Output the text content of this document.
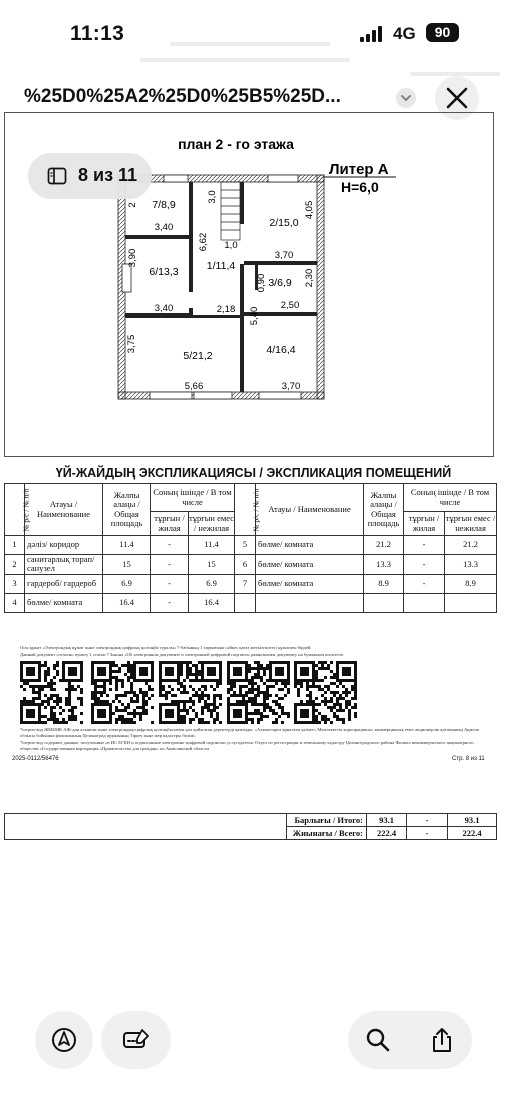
11:13	4G	90
%25D0%25A2%25D0%25B5%25D...
план 2 - го этажа
Литер А
Н=6,0
7/8,9
6/13,3	1/11,4
2/15,0
3/6,9
5/21,2	4/16,4
3,40
3,40
3,90
2
3,0
6,62 1,0
2,18
4,05
3,70
0,90	2,30
2,50
5,40
3,75
5,66	3,70
8 из 11
ҮЙ-ЖАЙДЫҢ ЭКСПЛИКАЦИЯСЫ / ЭКСПЛИКАЦИЯ ПОМЕЩЕНИЙ
№ р/с / № п/п	Атауы / Наименование	Жалпы алаңы / Общая площадь	Соның ішінде / В том числе		№ р/с / № п/п	Атауы / Наименование	Жалпы алаңы / Общая площадь	Соның ішінде / В том числе	
			тұрғын / жилая	тұрғын емес / нежилая				тұрғын / жилая	тұрғын емес / нежилая
1	дәліз/ коридор	11.4	-	11.4	5	бөлме/ комната	21.2	-	21.2
2	санитарлық торап/ санузел	15	-	15	6	бөлме/ комната	13.3	-	13.3
3	гардероб/ гардероб	6.9	-	6.9	7	бөлме/ комната	8.9	-	8.9
4	бөлме/ комната	16.4	-	16.4					
Осы құжат «Электрондық құжат және электрондық цифрлық қолтаңба туралы» 7-бабының 1 тармағына сәйкес қағаз жеткізгіштегі құжатпен бірдей.
Данный документ согласно пункту 1 статьи 7 Закона «Об электронном документе и электронной цифровой подписи» равнозначен документу на бумажном носителе.
*штрих-код ЖМБМК АЖ-дан алынған және электрондық-цифрлық қолтаңбасымен қол қойылған деректерді қамтиды: «Азаматтарға арналған үкімет» Мемлекеттік корпорациясы» коммерциялық емес акционерлік қоғамының Ақмола облысы бойынша филиалының Целиноград ауданының Тіркеу және жер кадастры бөлімі.
*штрих-код содержит данные, полученные из ИС ЕГКН и подписанные электронно-цифровой подписью услугодателя: Отдел по регистрации и земельному кадастру Целиноградского района Филиал некоммерческого акционерного общества «Государственная корпорация «Правительство для граждан» по Акмолинской области
2025-0112/56476	Стр. 8 из 11
	Барлығы / Итого:	93.1	-	93.1
	Жиынағы / Всего:	222.4	-	222.4
